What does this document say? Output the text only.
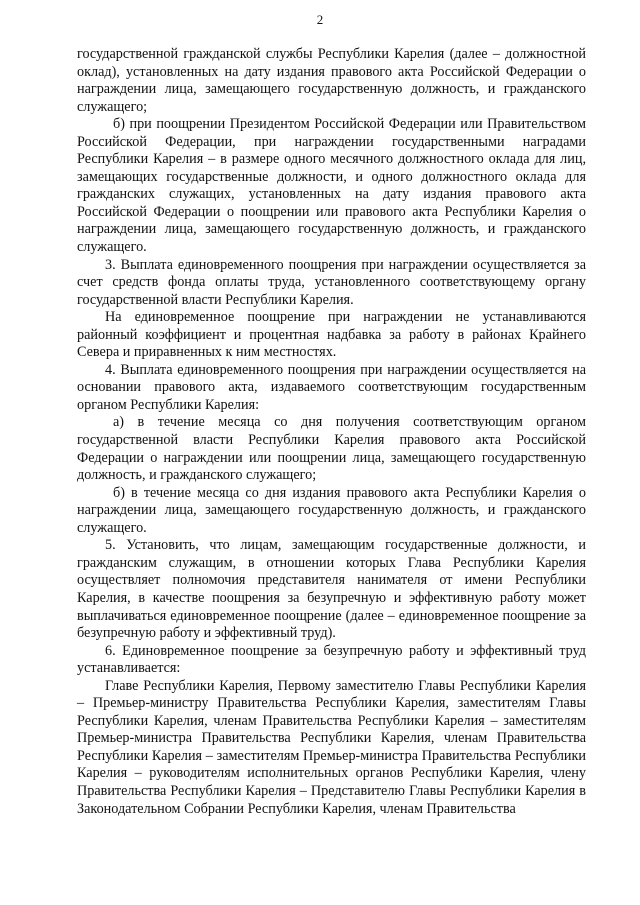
2

государственной гражданской службы Республики Карелия (далее – должностной оклад), установленных на дату издания правового акта Российской Федерации о награждении лица, замещающего государственную должность, и гражданского служащего;

б) при поощрении Президентом Российской Федерации или Правительством Российской Федерации, при награждении государственными наградами Республики Карелия – в размере одного месячного должностного оклада для лиц, замещающих государственные должности, и одного должностного оклада для гражданских служащих, установленных на дату издания правового акта Российской Федерации о поощрении или правового акта Республики Карелия о награждении лица, замещающего государственную должность, и гражданского служащего.

3. Выплата единовременного поощрения при награждении осуществляется за счет средств фонда оплаты труда, установленного соответствующему органу государственной власти Республики Карелия.

На единовременное поощрение при награждении не устанавливаются районный коэффициент и процентная надбавка за работу в районах Крайнего Севера и приравненных к ним местностях.

4. Выплата единовременного поощрения при награждении осуществляется на основании правового акта, издаваемого соответствующим государственным органом Республики Карелия:

а) в течение месяца со дня получения соответствующим органом государственной власти Республики Карелия правового акта Российской Федерации о награждении или поощрении лица, замещающего государственную должность, и гражданского служащего;

б) в течение месяца со дня издания правового акта Республики Карелия о награждении лица, замещающего государственную должность, и гражданского служащего.

5. Установить, что лицам, замещающим государственные должности, и гражданским служащим, в отношении которых Глава Республики Карелия осуществляет полномочия представителя нанимателя от имени Республики Карелия, в качестве поощрения за безупречную и эффективную работу может выплачиваться единовременное поощрение (далее – единовременное поощрение за безупречную работу и эффективный труд).

6. Единовременное поощрение за безупречную работу и эффективный труд устанавливается:

Главе Республики Карелия, Первому заместителю Главы Республики Карелия – Премьер-министру Правительства Республики Карелия, заместителям Главы Республики Карелия, членам Правительства Республики Карелия – заместителям Премьер-министра Правительства Республики Карелия, членам Правительства Республики Карелия – заместителям Премьер-министра Правительства Республики Карелия – руководителям исполнительных органов Республики Карелия, члену Правительства Республики Карелия – Представителю Главы Республики Карелия в Законодательном Собрании Республики Карелия, членам Правительства
